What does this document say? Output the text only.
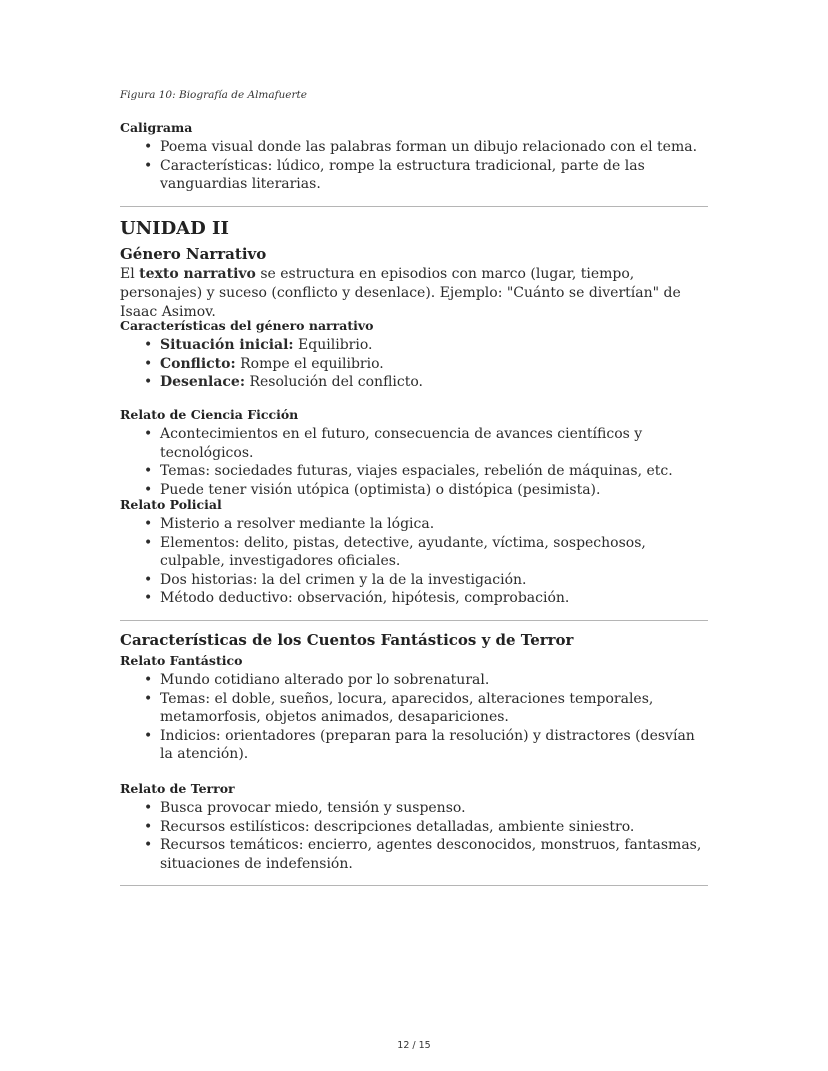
Figura 10: Biografía de Almafuerte

Caligrama

• Poema visual donde las palabras forman un dibujo relacionado con el tema.
• Características: lúdico, rompe la estructura tradicional, parte de las vanguardias literarias.
UNIDAD II
Género Narrativo

El texto narrativo se estructura en episodios con marco (lugar, tiempo, personajes) y suceso (conflicto y desenlace). Ejemplo: "Cuánto se divertían" de Isaac Asimov.

Características del género narrativo

• Situación inicial: Equilibrio.
• Conflicto: Rompe el equilibrio.
• Desenlace: Resolución del conflicto.

Relato de Ciencia Ficción

• Acontecimientos en el futuro, consecuencia de avances científicos y tecnológicos.
• Temas: sociedades futuras, viajes espaciales, rebelión de máquinas, etc.
• Puede tener visión utópica (optimista) o distópica (pesimista).

Relato Policial

• Misterio a resolver mediante la lógica.
• Elementos: delito, pistas, detective, ayudante, víctima, sospechosos, culpable, investigadores oficiales.
• Dos historias: la del crimen y la de la investigación.
• Método deductivo: observación, hipótesis, comprobación.
Características de los Cuentos Fantásticos y de Terror

Relato Fantástico

• Mundo cotidiano alterado por lo sobrenatural.
• Temas: el doble, sueños, locura, aparecidos, alteraciones temporales, metamorfosis, objetos animados, desapariciones.
• Indicios: orientadores (preparan para la resolución) y distractores (desvían la atención).

Relato de Terror

• Busca provocar miedo, tensión y suspenso.
• Recursos estilísticos: descripciones detalladas, ambiente siniestro.
• Recursos temáticos: encierro, agentes desconocidos, monstruos, fantasmas, situaciones de indefensión.
12 / 15
